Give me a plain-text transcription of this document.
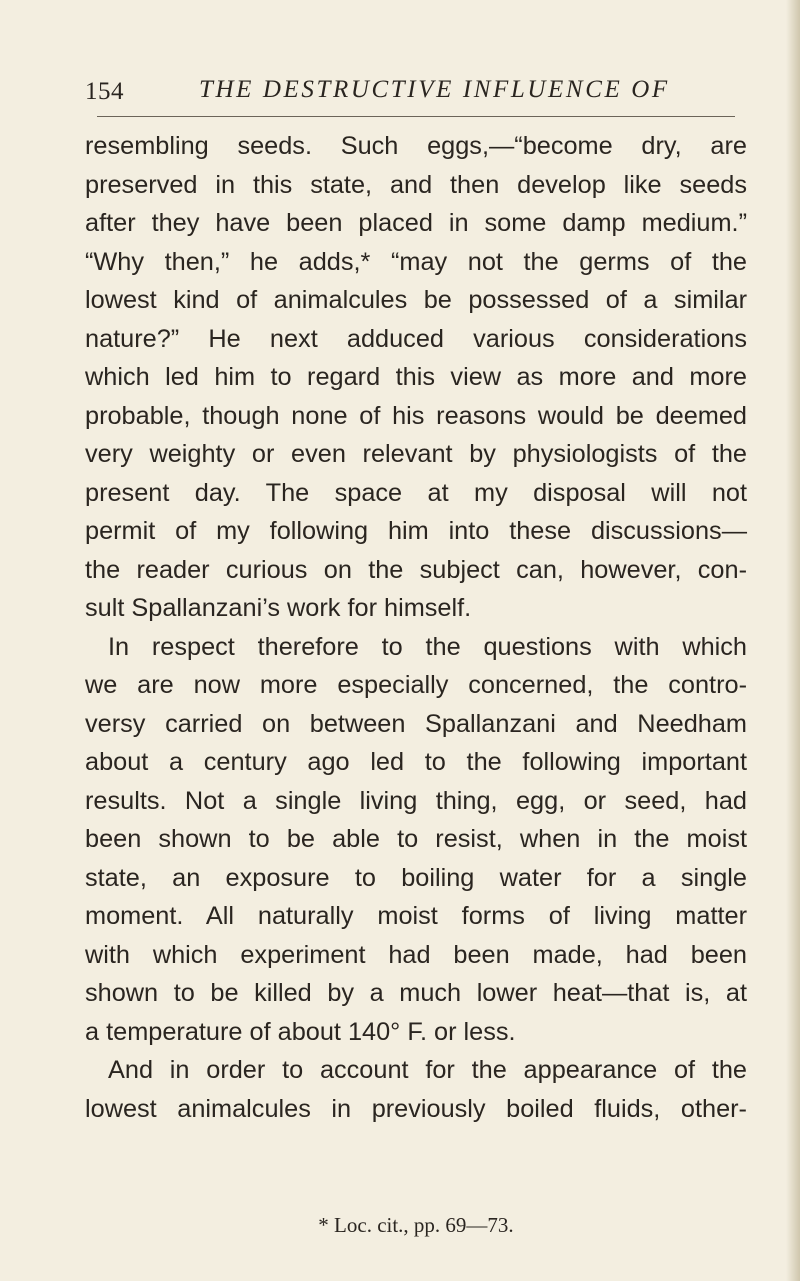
154	THE DESTRUCTIVE INFLUENCE OF
resembling seeds. Such eggs,—“become dry, are
preserved in this state, and then develop like seeds
after they have been placed in some damp medium.”
“Why then,” he adds,* “may not the germs of the
lowest kind of animalcules be possessed of a similar
nature?” He next adduced various considerations
which led him to regard this view as more and more
probable, though none of his reasons would be deemed
very weighty or even relevant by physiologists of the
present day. The space at my disposal will not
permit of my following him into these discussions—
the reader curious on the subject can, however, con-
sult Spallanzani’s work for himself.
In respect therefore to the questions with which
we are now more especially concerned, the contro-
versy carried on between Spallanzani and Needham
about a century ago led to the following important
results. Not a single living thing, egg, or seed, had
been shown to be able to resist, when in the moist
state, an exposure to boiling water for a single
moment. All naturally moist forms of living matter
with which experiment had been made, had been
shown to be killed by a much lower heat—that is, at
a temperature of about 140° F. or less.
And in order to account for the appearance of the
lowest animalcules in previously boiled fluids, other-
* Loc. cit., pp. 69—73.
